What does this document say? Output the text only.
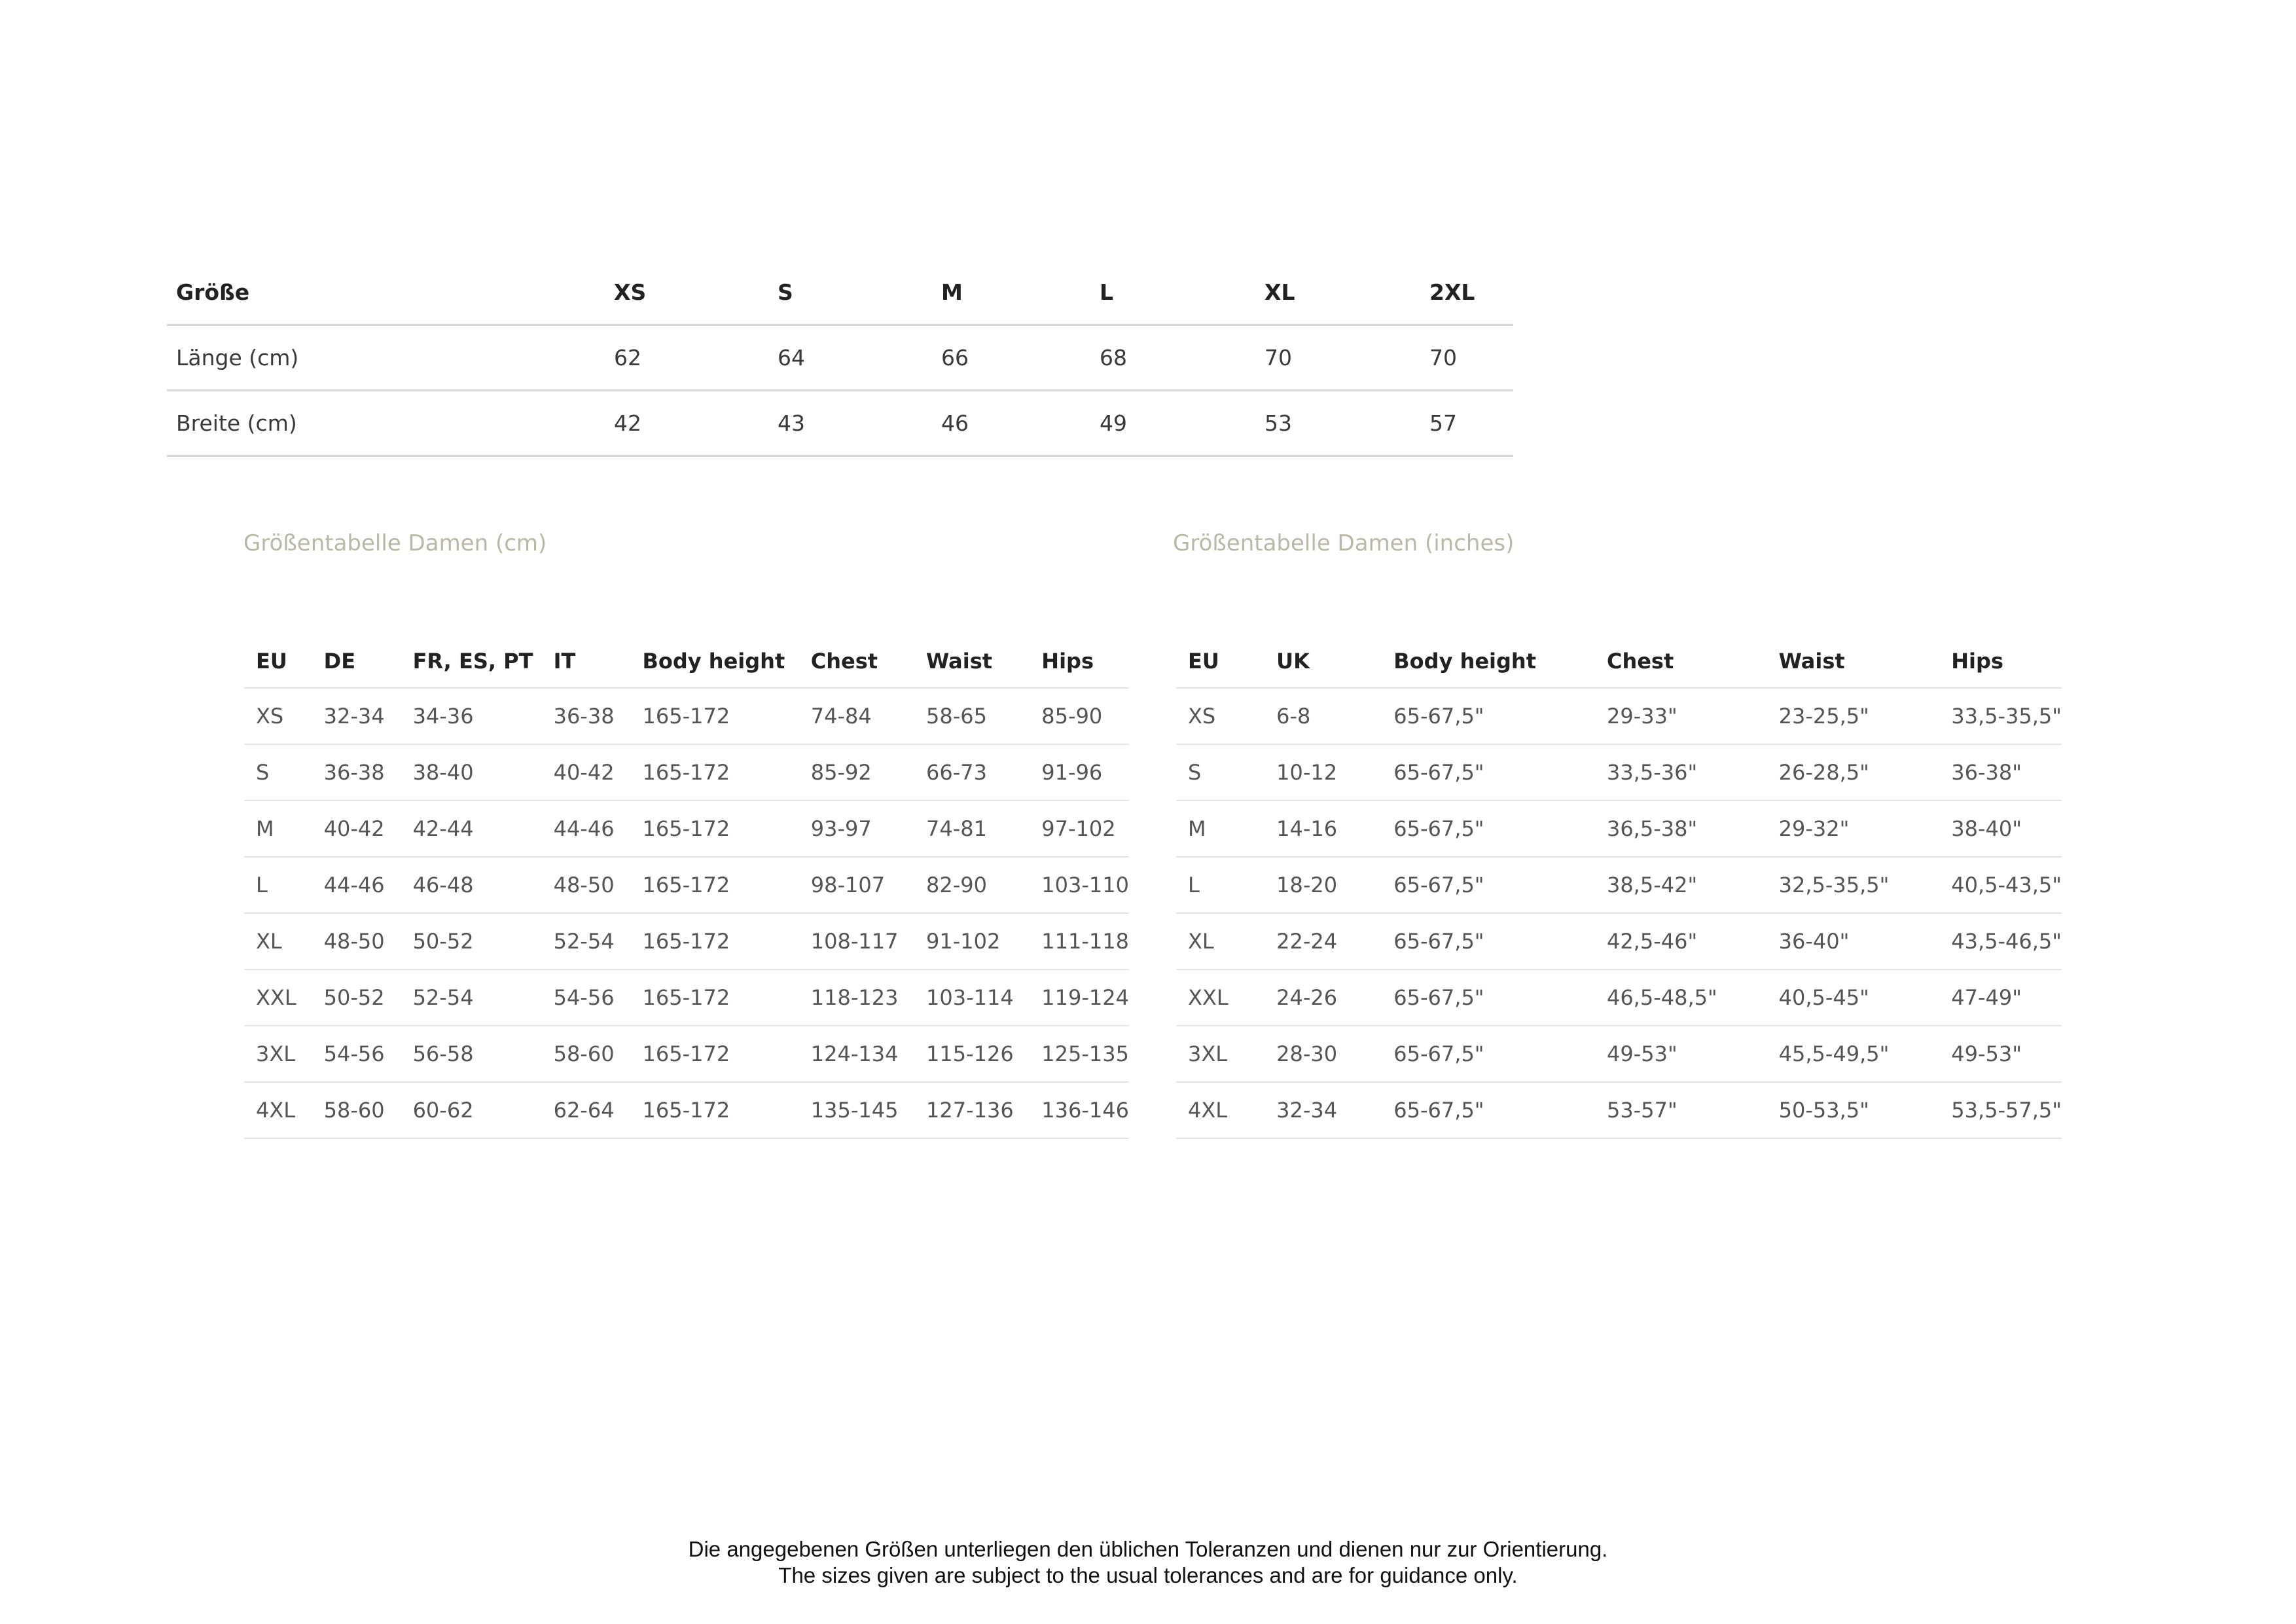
Größe	XS	S	M	L	XL	2XL
Länge (cm)	62	64	66	68	70	70
Breite (cm)	42	43	46	49	53	57
Größentabelle Damen (cm)	Größentabelle Damen (inches)
EU	DE	FR, ES, PT	IT	Body height	Chest	Waist	Hips
XS	32-34	34-36	36-38	165-172	74-84	58-65	85-90
S	36-38	38-40	40-42	165-172	85-92	66-73	91-96
M	40-42	42-44	44-46	165-172	93-97	74-81	97-102
L	44-46	46-48	48-50	165-172	98-107	82-90	103-110
XL	48-50	50-52	52-54	165-172	108-117	91-102	111-118
XXL	50-52	52-54	54-56	165-172	118-123	103-114	119-124
3XL	54-56	56-58	58-60	165-172	124-134	115-126	125-135
4XL	58-60	60-62	62-64	165-172	135-145	127-136	136-146
EU	UK	Body height	Chest	Waist	Hips
XS	6-8	65-67,5"	29-33"	23-25,5"	33,5-35,5"
S	10-12	65-67,5"	33,5-36"	26-28,5"	36-38"
M	14-16	65-67,5"	36,5-38"	29-32"	38-40"
L	18-20	65-67,5"	38,5-42"	32,5-35,5"	40,5-43,5"
XL	22-24	65-67,5"	42,5-46"	36-40"	43,5-46,5"
XXL	24-26	65-67,5"	46,5-48,5"	40,5-45"	47-49"
3XL	28-30	65-67,5"	49-53"	45,5-49,5"	49-53"
4XL	32-34	65-67,5"	53-57"	50-53,5"	53,5-57,5"
Die angegebenen Größen unterliegen den üblichen Toleranzen und dienen nur zur Orientierung.
The sizes given are subject to the usual tolerances and are for guidance only.
